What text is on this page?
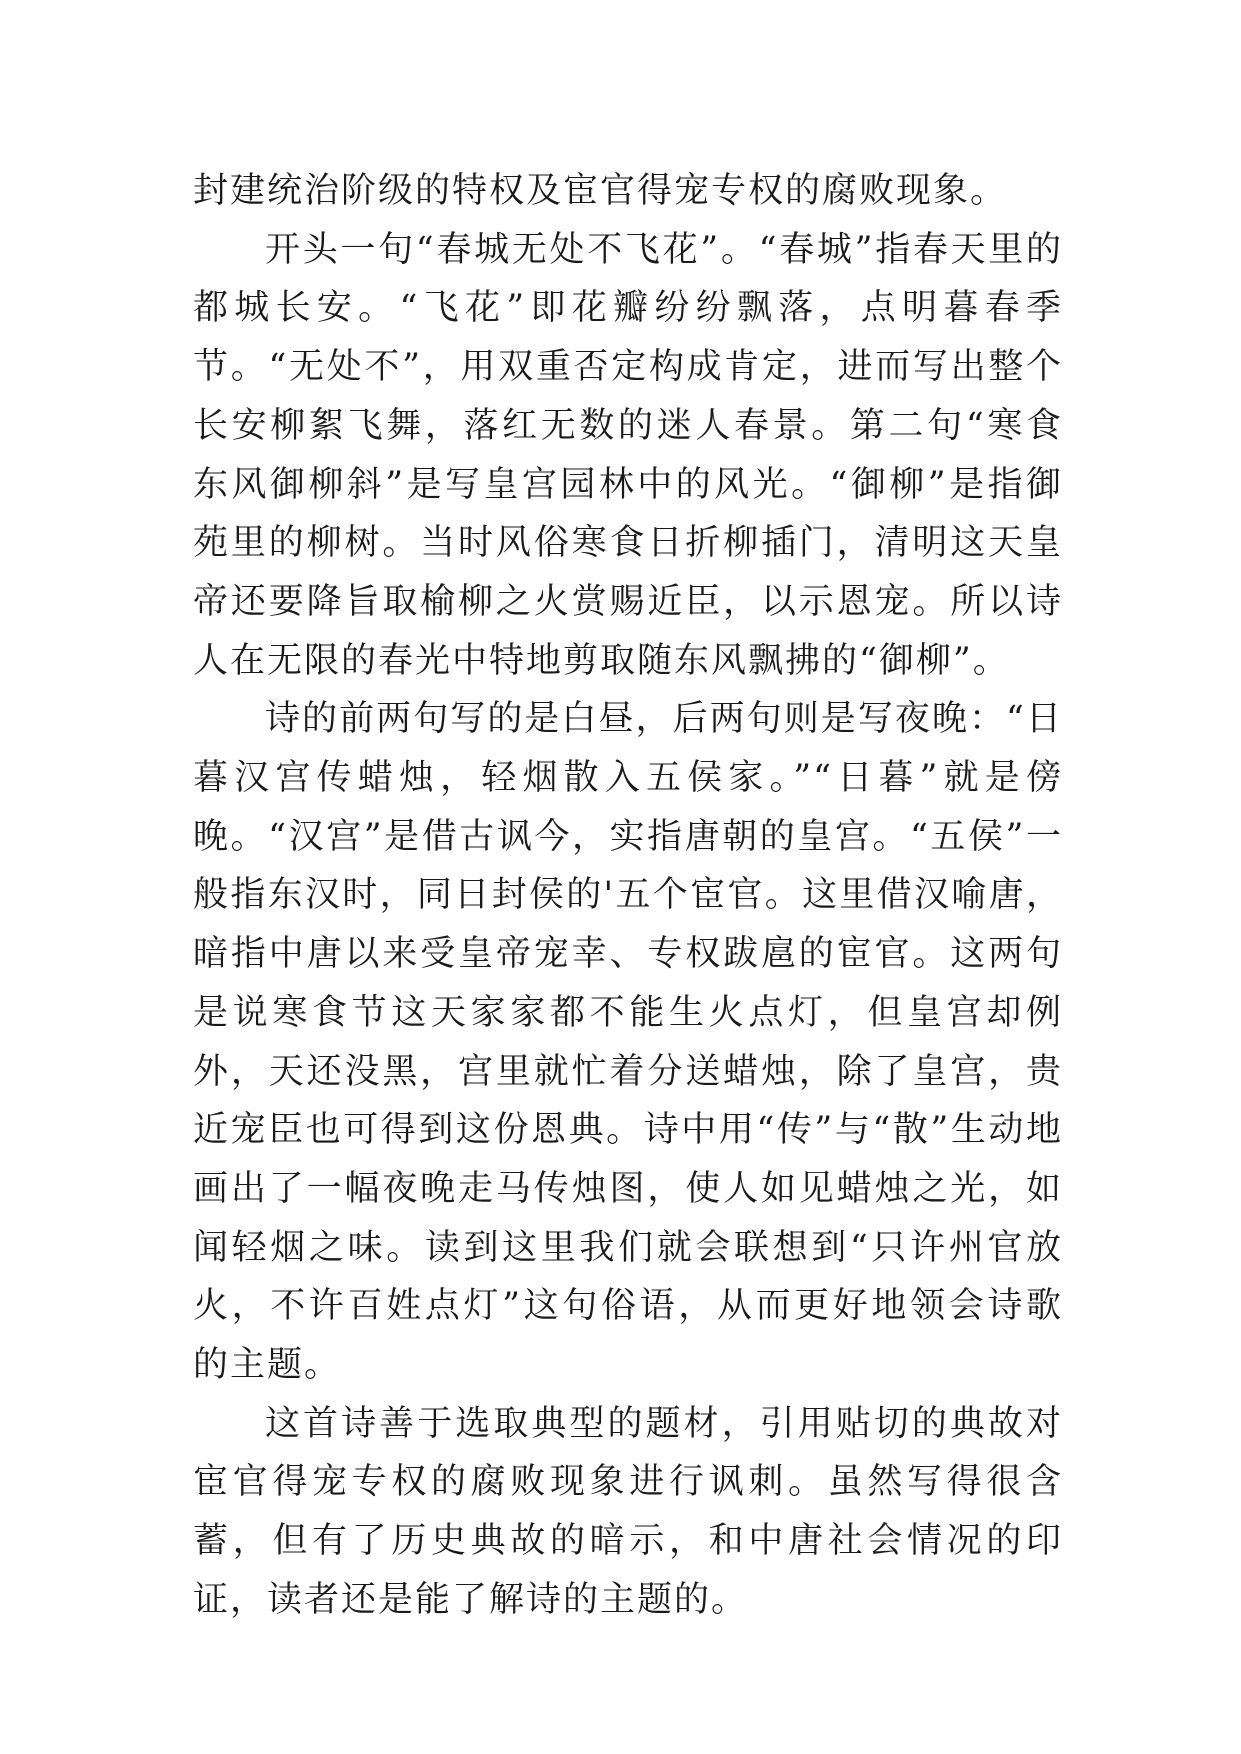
封建统治阶级的特权及宦官得宠专权的腐败现象。

开头一句“春城无处不飞花”。“春城”指春天里的都城长安。“飞花”即花瓣纷纷飘落，点明暮春季节。“无处不”，用双重否定构成肯定，进而写出整个长安柳絮飞舞，落红无数的迷人春景。第二句“寒食东风御柳斜”是写皇宫园林中的风光。“御柳”是指御苑里的柳树。当时风俗寒食日折柳插门，清明这天皇帝还要降旨取榆柳之火赏赐近臣，以示恩宠。所以诗人在无限的春光中特地剪取随东风飘拂的“御柳”。

诗的前两句写的是白昼，后两句则是写夜晚：“日暮汉宫传蜡烛，轻烟散入五侯家。”“日暮”就是傍晚。“汉宫”是借古讽今，实指唐朝的皇宫。“五侯”一般指东汉时，同日封侯的'五个宦官。这里借汉喻唐，暗指中唐以来受皇帝宠幸、专权跋扈的宦官。这两句是说寒食节这天家家都不能生火点灯，但皇宫却例外，天还没黑，宫里就忙着分送蜡烛，除了皇宫，贵近宠臣也可得到这份恩典。诗中用“传”与“散”生动地画出了一幅夜晚走马传烛图，使人如见蜡烛之光，如闻轻烟之味。读到这里我们就会联想到“只许州官放火，不许百姓点灯”这句俗语，从而更好地领会诗歌的主题。

这首诗善于选取典型的题材，引用贴切的典故对宦官得宠专权的腐败现象进行讽刺。虽然写得很含蓄，但有了历史典故的暗示，和中唐社会情况的印证，读者还是能了解诗的主题的。
